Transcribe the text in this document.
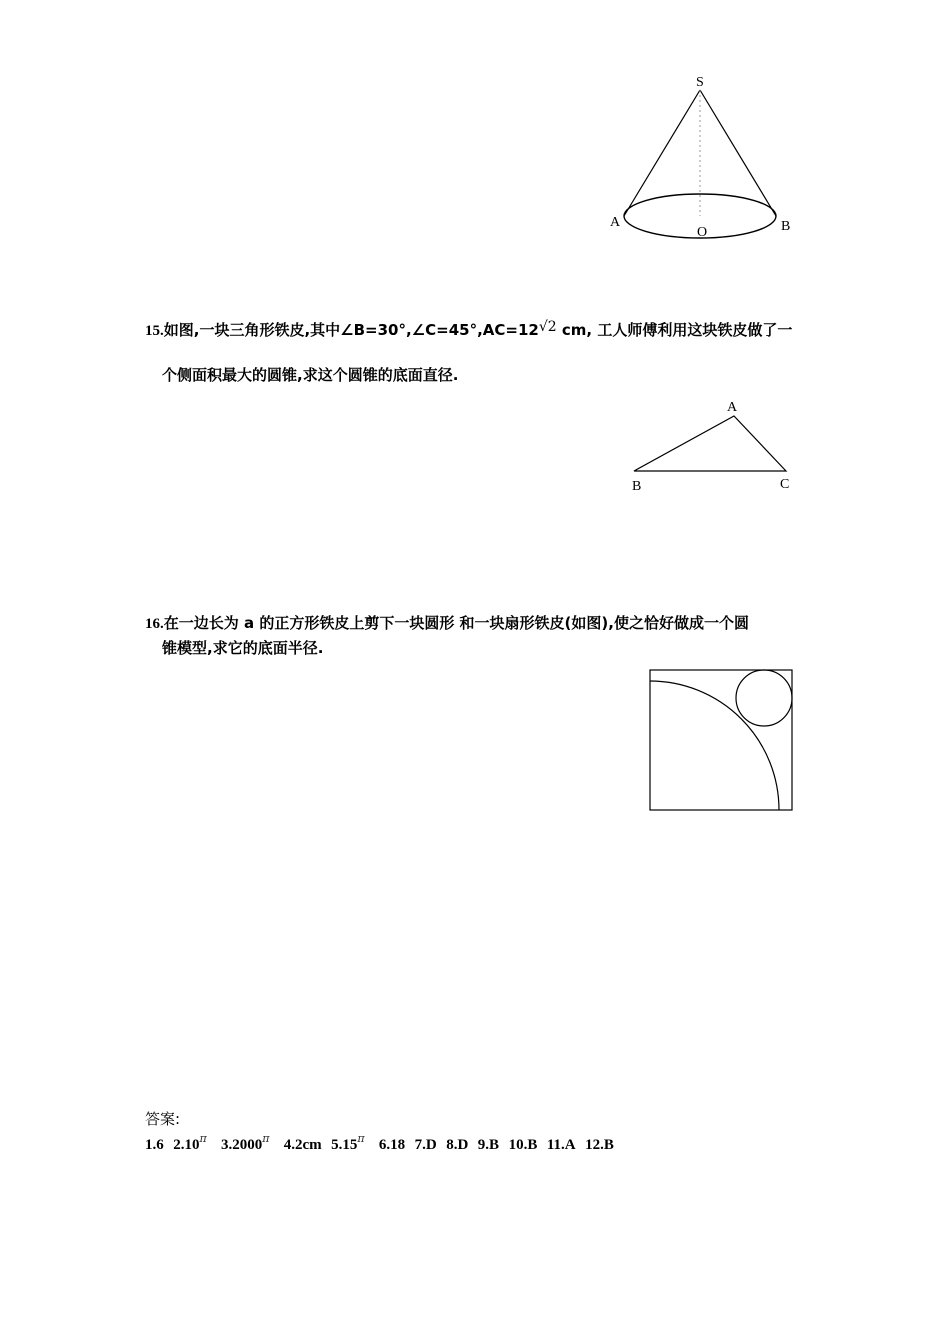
S
A	B
O
15.如图,一块三角形铁皮,其中∠B=30°,∠C=45°,AC=12√2 cm, 工人师傅利用这块铁皮做了一
个侧面积最大的圆锥,求这个圆锥的底面直径.
A
B	C
16.在一边长为 a 的正方形铁皮上剪下一块圆形 和一块扇形铁皮(如图),使之恰好做成一个圆
锥模型,求它的底面半径.
答案:
1.6 $2.10^\pi$ $3.2000^\pi$ 4.2cm $5.15^\pi$ 6.18 7.D 8.D 9.B 10.B 11.A 12.B
